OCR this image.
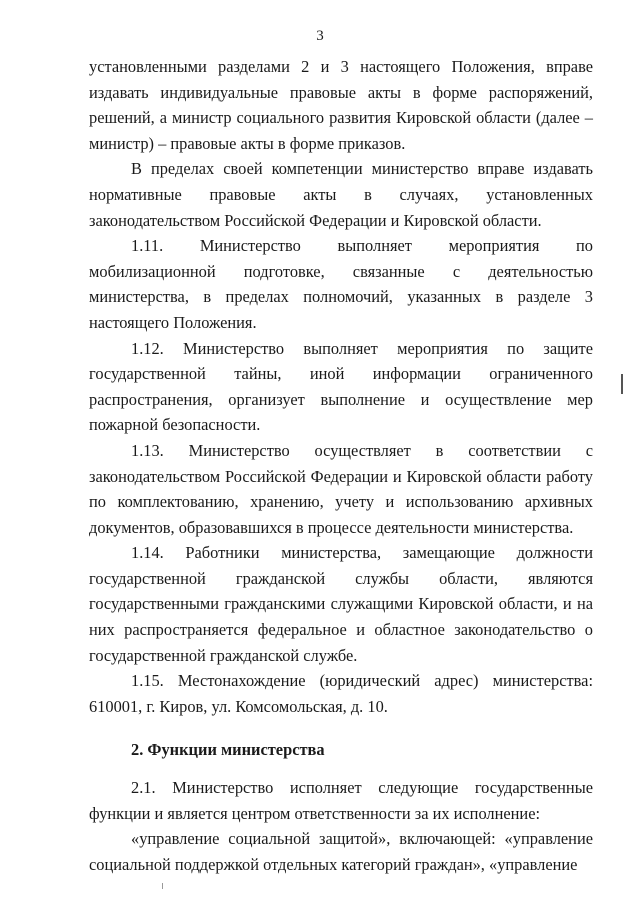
3

установленными разделами 2 и 3 настоящего Положения, вправе издавать индивидуальные правовые акты в форме распоряжений, решений, а министр социального развития Кировской области (далее – министр) – правовые акты в форме приказов.

В пределах своей компетенции министерство вправе издавать нормативные правовые акты в случаях, установленных законодательством Российской Федерации и Кировской области.

1.11. Министерство выполняет мероприятия по мобилизационной подготовке, связанные с деятельностью министерства, в пределах полномочий, указанных в разделе 3 настоящего Положения.

1.12. Министерство выполняет мероприятия по защите государственной тайны, иной информации ограниченного распространения, организует выполнение и осуществление мер пожарной безопасности.

1.13. Министерство осуществляет в соответствии с законодательством Российской Федерации и Кировской области работу по комплектованию, хранению, учету и использованию архивных документов, образовавшихся в процессе деятельности министерства.

1.14. Работники министерства, замещающие должности государственной гражданской службы области, являются государственными гражданскими служащими Кировской области, и на них распространяется федеральное и областное законодательство о государственной гражданской службе.

1.15. Местонахождение (юридический адрес) министерства: 610001, г. Киров, ул. Комсомольская, д. 10.

2. Функции министерства

2.1. Министерство исполняет следующие государственные функции и является центром ответственности за их исполнение:

«управление социальной защитой», включающей: «управление социальной поддержкой отдельных категорий граждан», «управление
